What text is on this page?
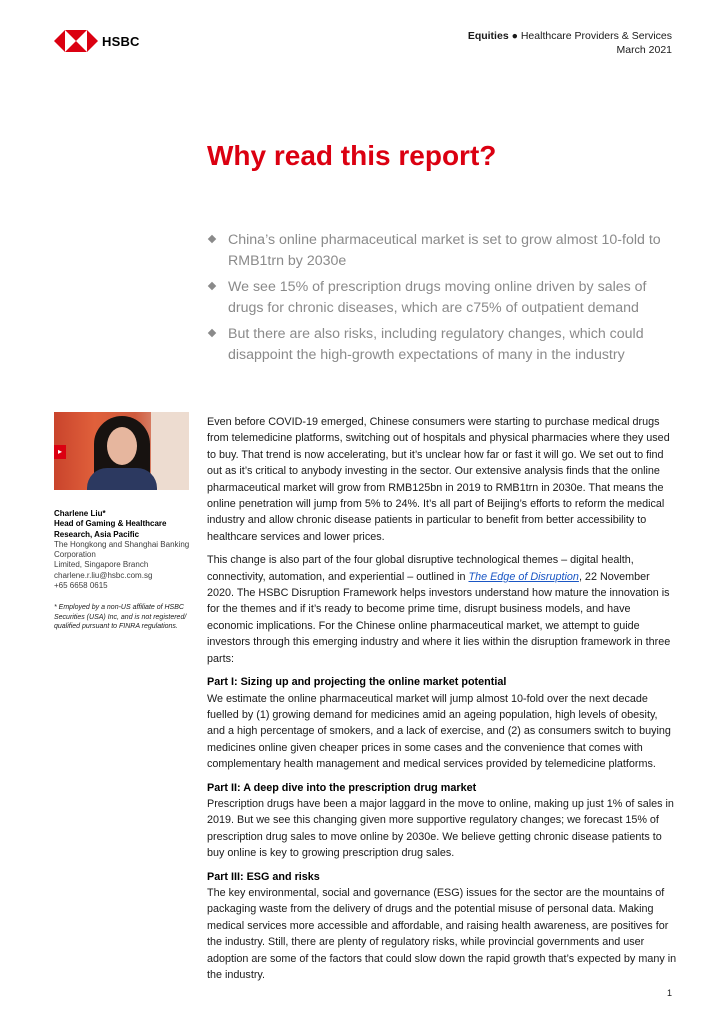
HSBC	Equities ● Healthcare Providers & Services
March 2021
Why read this report?
China’s online pharmaceutical market is set to grow almost 10-fold to RMB1trn by 2030e
We see 15% of prescription drugs moving online driven by sales of drugs for chronic diseases, which are c75% of outpatient demand
But there are also risks, including regulatory changes, which could disappoint the high-growth expectations of many in the industry
▸
Charlene Liu*
Head of Gaming & Healthcare Research, Asia Pacific
The Hongkong and Shanghai Banking Corporation
Limited, Singapore Branch
charlene.r.liu@hsbc.com.sg
+65 6658 0615
* Employed by a non-US affiliate of HSBC Securities (USA) Inc, and is not registered/ qualified pursuant to FINRA regulations.

Even before COVID-19 emerged, Chinese consumers were starting to purchase medical drugs from telemedicine platforms, switching out of hospitals and physical pharmacies where they used to buy. That trend is now accelerating, but it’s unclear how far or fast it will go. We set out to find out as it’s critical to anybody investing in the sector. Our extensive analysis finds that the online pharmaceutical market will grow from RMB125bn in 2019 to RMB1trn in 2030e. That means the online penetration will jump from 5% to 24%. It’s all part of Beijing’s efforts to reform the medical industry and allow chronic disease patients in particular to benefit from better accessibility to healthcare services and lower prices.

This change is also part of the four global disruptive technological themes – digital health, connectivity, automation, and experiential – outlined in The Edge of Disruption, 22 November 2020. The HSBC Disruption Framework helps investors understand how mature the innovation is for the themes and if it’s ready to become prime time, disrupt business models, and have economic implications. For the Chinese online pharmaceutical market, we attempt to guide investors through this emerging industry and where it lies within the disruption framework in three parts:

Part I: Sizing up and projecting the online market potential

We estimate the online pharmaceutical market will jump almost 10-fold over the next decade fuelled by (1) growing demand for medicines amid an ageing population, high levels of obesity, and a high percentage of smokers, and a lack of exercise, and (2) as consumers switch to buying medicines online given cheaper prices in some cases and the convenience that comes with complementary health management and medical services provided by telemedicine platforms.

Part II: A deep dive into the prescription drug market

Prescription drugs have been a major laggard in the move to online, making up just 1% of sales in 2019. But we see this changing given more supportive regulatory changes; we forecast 15% of prescription drug sales to move online by 2030e. We believe getting chronic disease patients to buy online is key to growing prescription drug sales.

Part III: ESG and risks

The key environmental, social and governance (ESG) issues for the sector are the mountains of packaging waste from the delivery of drugs and the potential misuse of personal data. Making medical services more accessible and affordable, and raising health awareness, are positives for the industry. Still, there are plenty of regulatory risks, while provincial governments and user adoption are some of the factors that could slow down the rapid growth that’s expected by many in the industry.

1
